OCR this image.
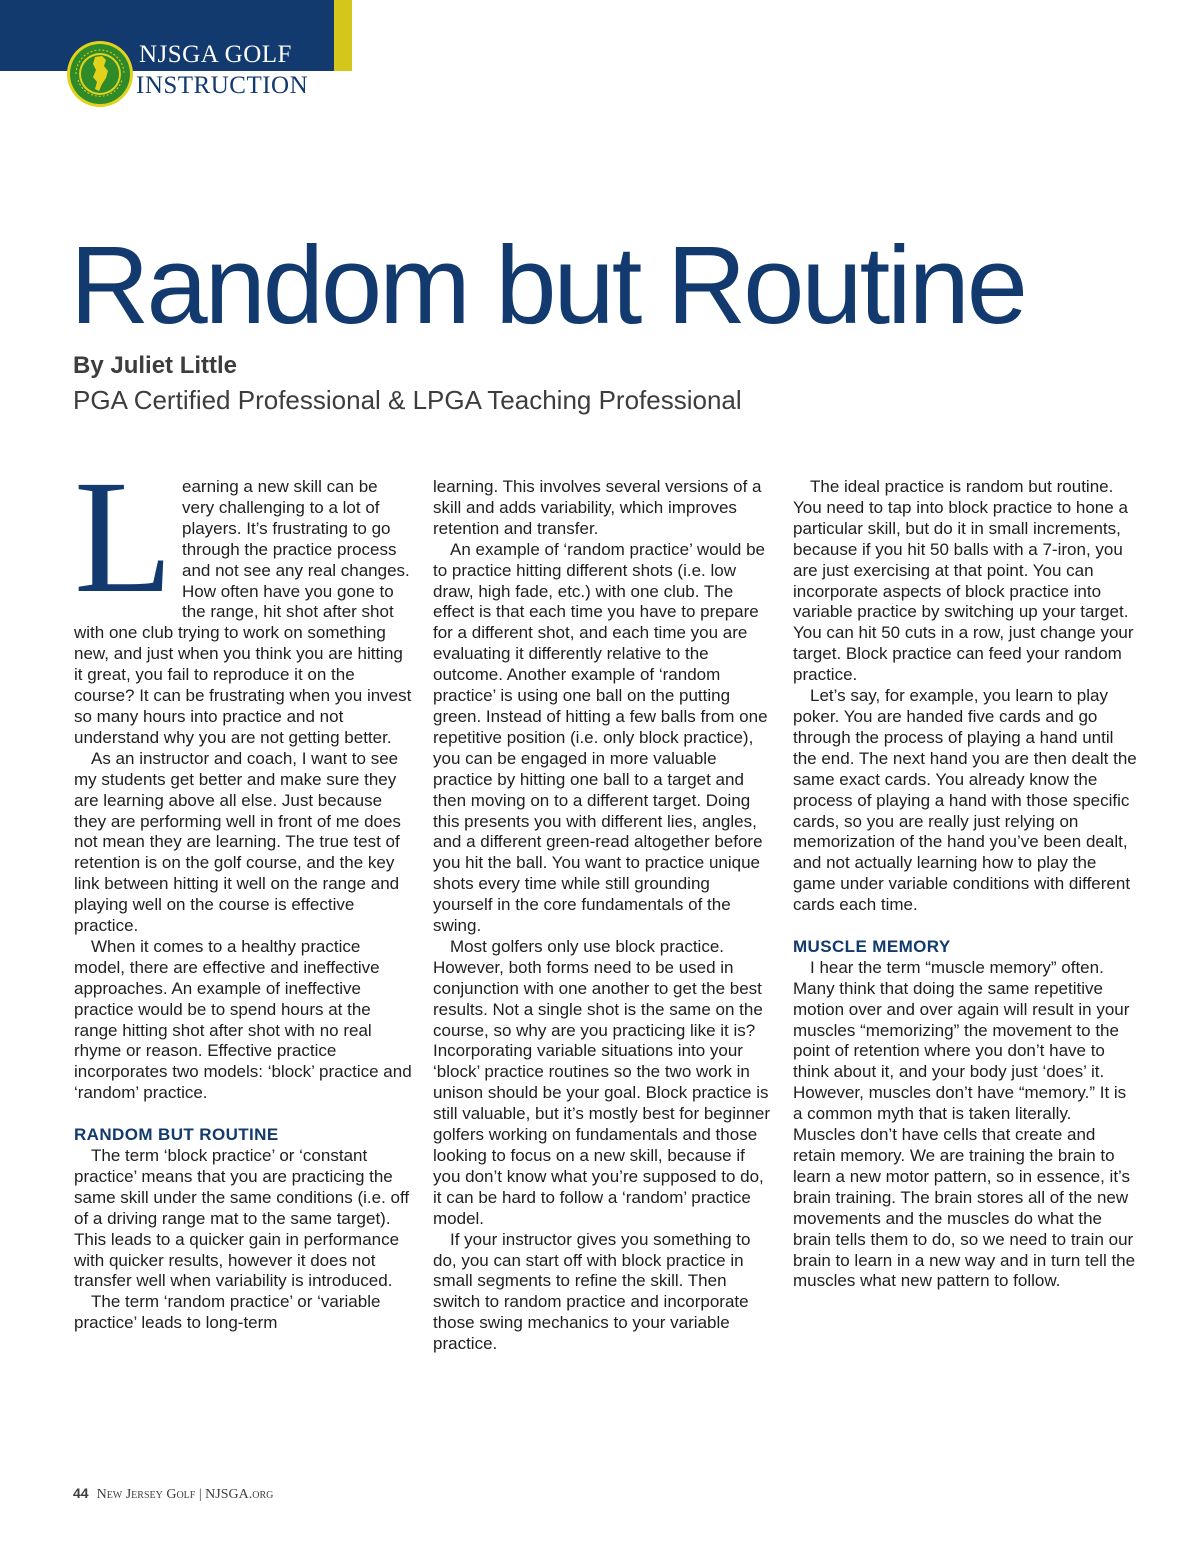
NJSGA GOLF
INSTRUCTION
Random but Routine
By Juliet Little
PGA Certified Professional & LPGA Teaching Professional
L earning a new skill can be very challenging to a lot of players. It’s frustrating to go through the practice process and not see any real changes. How often have you gone to the range, hit shot after shot with one club trying to work on something new, and just when you think you are hitting it great, you fail to reproduce it on the course? It can be frustrating when you invest so many hours into practice and not understand why you are not getting better.

As an instructor and coach, I want to see my students get better and make sure they are learning above all else. Just because they are performing well in front of me does not mean they are learning. The true test of retention is on the golf course, and the key link between hitting it well on the range and playing well on the course is effective practice.

When it comes to a healthy practice model, there are effective and ineffective approaches. An example of ineffective practice would be to spend hours at the range hitting shot after shot with no real rhyme or reason. Effective practice incorporates two models: ‘block’ practice and ‘random’ practice.

RANDOM BUT ROUTINE

The term ‘block practice’ or ‘constant practice’ means that you are practicing the same skill under the same conditions (i.e. off of a driving range mat to the same target). This leads to a quicker gain in performance with quicker results, however it does not transfer well when variability is introduced.

The term ‘random practice’ or ‘variable practice’ leads to long-term

learning. This involves several versions of a skill and adds variability, which improves retention and transfer.

An example of ‘random practice’ would be to practice hitting different shots (i.e. low draw, high fade, etc.) with one club. The effect is that each time you have to prepare for a different shot, and each time you are evaluating it differently relative to the outcome. Another example of ‘random practice’ is using one ball on the putting green. Instead of hitting a few balls from one repetitive position (i.e. only block practice), you can be engaged in more valuable practice by hitting one ball to a target and then moving on to a different target. Doing this presents you with different lies, angles, and a different green-read altogether before you hit the ball. You want to practice unique shots every time while still grounding yourself in the core fundamentals of the swing.

Most golfers only use block practice. However, both forms need to be used in conjunction with one another to get the best results. Not a single shot is the same on the course, so why are you practicing like it is? Incorporating variable situations into your ‘block’ practice routines so the two work in unison should be your goal. Block practice is still valuable, but it’s mostly best for beginner golfers working on fundamentals and those looking to focus on a new skill, because if you don’t know what you’re supposed to do, it can be hard to follow a ‘random’ practice model.

If your instructor gives you something to do, you can start off with block practice in small segments to refine the skill. Then switch to random practice and incorporate those swing mechanics to your variable practice.

The ideal practice is random but routine. You need to tap into block practice to hone a particular skill, but do it in small increments, because if you hit 50 balls with a 7-iron, you are just exercising at that point. You can incorporate aspects of block practice into variable practice by switching up your target. You can hit 50 cuts in a row, just change your target. Block practice can feed your random practice.

Let’s say, for example, you learn to play poker. You are handed five cards and go through the process of playing a hand until the end. The next hand you are then dealt the same exact cards. You already know the process of playing a hand with those specific cards, so you are really just relying on memorization of the hand you’ve been dealt, and not actually learning how to play the game under variable conditions with different cards each time.

MUSCLE MEMORY

I hear the term “muscle memory” often. Many think that doing the same repetitive motion over and over again will result in your muscles “memorizing” the movement to the point of retention where you don’t have to think about it, and your body just ‘does’ it. However, muscles don’t have “memory.” It is a common myth that is taken literally. Muscles don’t have cells that create and retain memory. We are training the brain to learn a new motor pattern, so in essence, it’s brain training. The brain stores all of the new movements and the muscles do what the brain tells them to do, so we need to train our brain to learn in a new way and in turn tell the muscles what new pattern to follow.

44 New Jersey Golf | NJSGA.org
